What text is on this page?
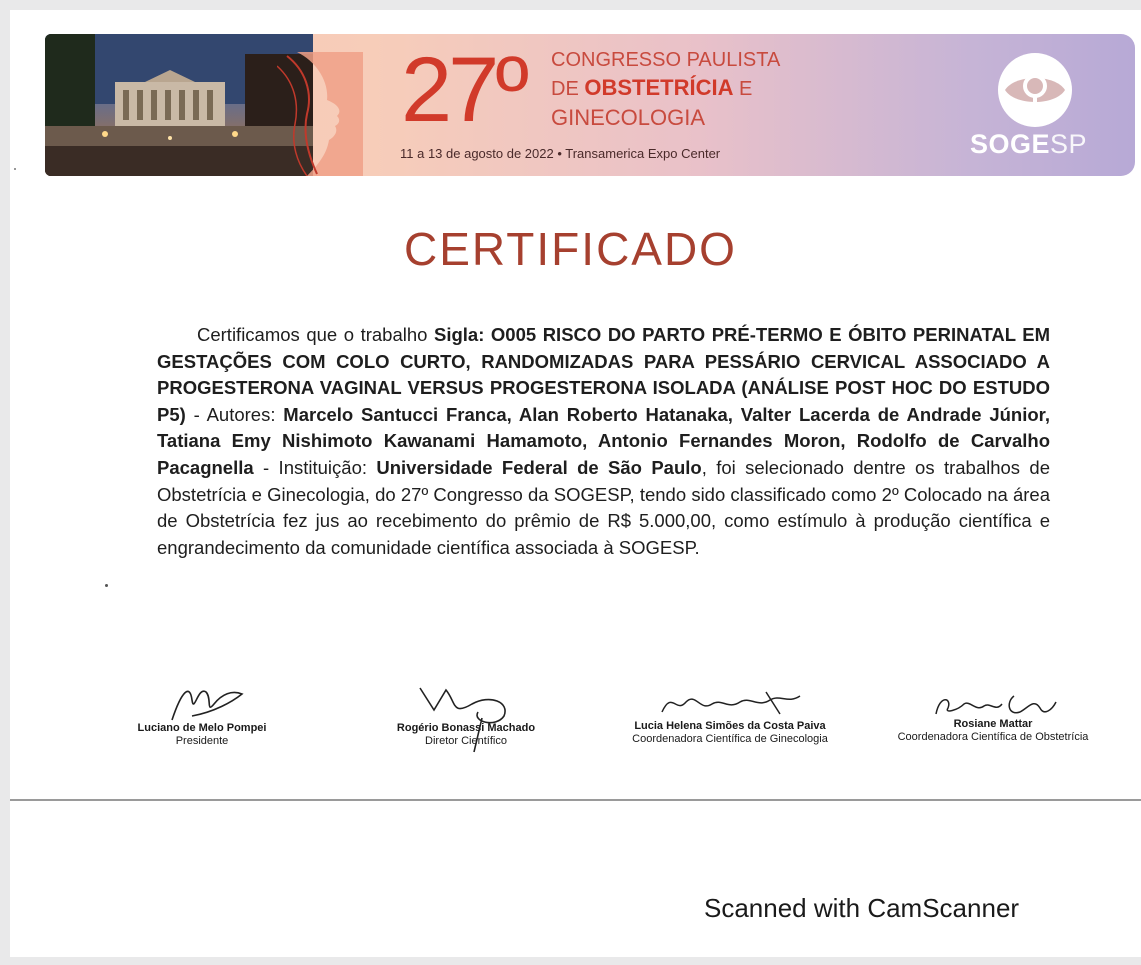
27º CONGRESSO PAULISTA
DE OBSTETRÍCIA E
GINECOLOGIA
11 a 13 de agosto de 2022 • Transamerica Expo Center	SOGESP
CERTIFICADO
Certificamos que o trabalho Sigla: O005 RISCO DO PARTO PRÉ-TERMO E ÓBITO PERINATAL EM GESTAÇÕES COM COLO CURTO, RANDOMIZADAS PARA PESSÁRIO CERVICAL ASSOCIADO A PROGESTERONA VAGINAL VERSUS PROGESTERONA ISOLADA (ANÁLISE POST HOC DO ESTUDO P5) - Autores: Marcelo Santucci Franca, Alan Roberto Hatanaka, Valter Lacerda de Andrade Júnior, Tatiana Emy Nishimoto Kawanami Hamamoto, Antonio Fernandes Moron, Rodolfo de Carvalho Pacagnella - Instituição: Universidade Federal de São Paulo, foi selecionado dentre os trabalhos de Obstetrícia e Ginecologia, do 27º Congresso da SOGESP, tendo sido classificado como 2º Colocado na área de Obstetrícia fez jus ao recebimento do prêmio de R$ 5.000,00, como estímulo à produção científica e engrandecimento da comunidade científica associada à SOGESP.
Luciano de Melo Pompei
Presidente
Rogério Bonassi Machado
Diretor Científico
Lucia Helena Simões da Costa Paiva
Coordenadora Científica de Ginecologia
Rosiane Mattar
Coordenadora Científica de Obstetrícia
Scanned with CamScanner
